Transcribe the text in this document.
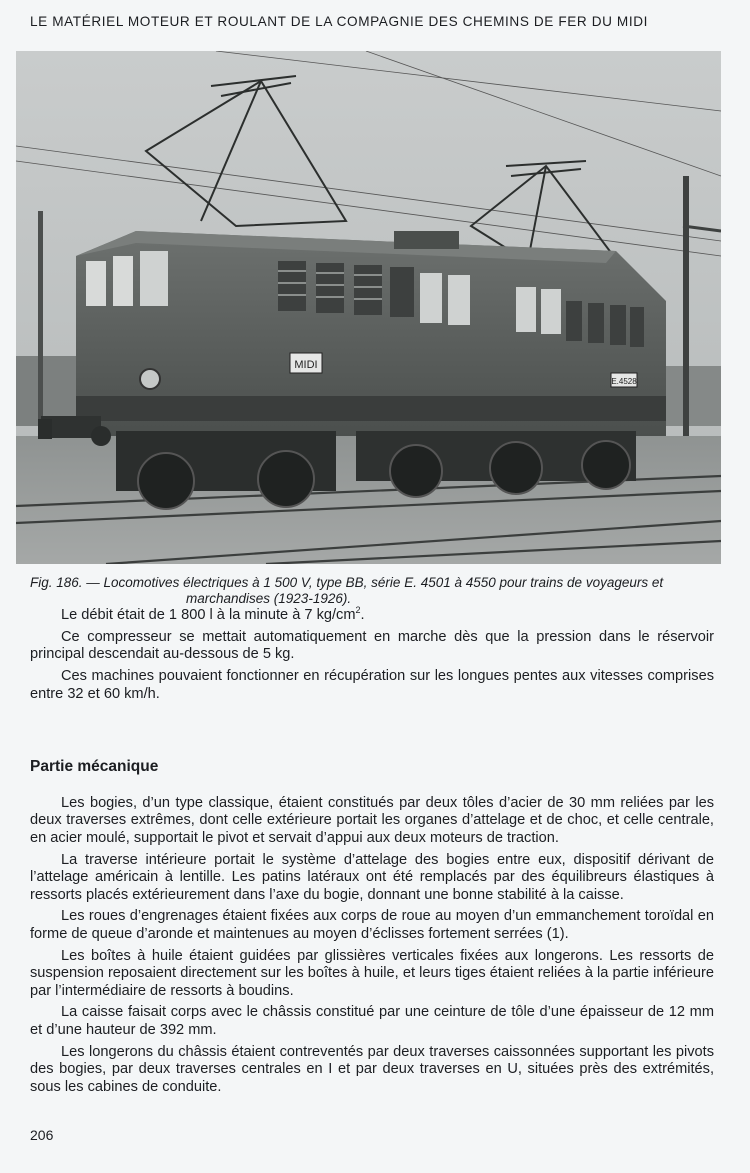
LE MATÉRIEL MOTEUR ET ROULANT DE LA COMPAGNIE DES CHEMINS DE FER DU MIDI
MIDI
E.4528
Fig. 186. — Locomotives électriques à 1 500 V, type BB, série E. 4501 à 4550 pour trains de voyageurs et
marchandises (1923-1926).

Le débit était de 1 800 l à la minute à 7 $kg/cm^2$.

Ce compresseur se mettait automatiquement en marche dès que la pression dans le réservoir principal descendait au-dessous de 5 kg.

Ces machines pouvaient fonctionner en récupération sur les longues pentes aux vitesses comprises entre 32 et 60 km/h.

Partie mécanique

Les bogies, d’un type classique, étaient constitués par deux tôles d’acier de 30 mm reliées par les deux traverses extrêmes, dont celle extérieure portait les organes d’attelage et de choc, et celle centrale, en acier moulé, supportait le pivot et servait d’appui aux deux moteurs de traction.

La traverse intérieure portait le système d’attelage des bogies entre eux, dispositif dérivant de l’attelage américain à lentille. Les patins latéraux ont été remplacés par des équilibreurs élastiques à ressorts placés extérieurement dans l’axe du bogie, donnant une bonne stabilité à la caisse.

Les roues d’engrenages étaient fixées aux corps de roue au moyen d’un emmanchement toroïdal en forme de queue d’aronde et maintenues au moyen d’éclisses fortement serrées (1).

Les boîtes à huile étaient guidées par glissières verticales fixées aux longerons. Les ressorts de suspension reposaient directement sur les boîtes à huile, et leurs tiges étaient reliées à la partie inférieure par l’intermédiaire de ressorts à boudins.

La caisse faisait corps avec le châssis constitué par une ceinture de tôle d’une épaisseur de 12 mm et d’une hauteur de 392 mm.

Les longerons du châssis étaient contreventés par deux traverses caissonnées supportant les pivots des bogies, par deux traverses centrales en I et par deux traverses en U, situées près des extrémités, sous les cabines de conduite.

206
